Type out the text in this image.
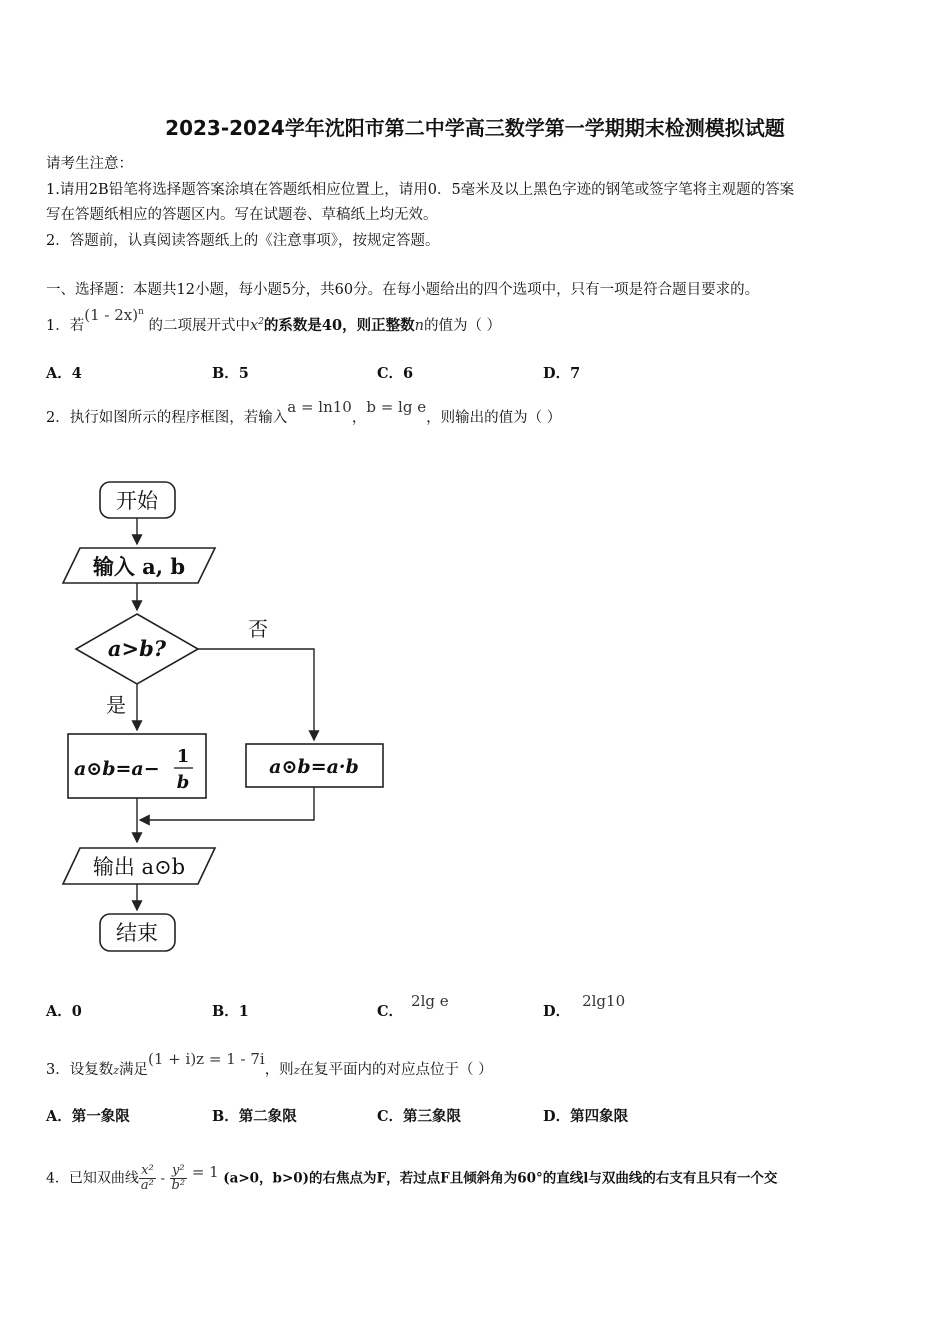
2023-2024学年沈阳市第二中学高三数学第一学期期末检测模拟试题
请考生注意：
1.请用2B铅笔将选择题答案涂填在答题纸相应位置上，请用0．5毫米及以上黑色字迹的钢笔或签字笔将主观题的答案
写在答题纸相应的答题区内。写在试题卷、草稿纸上均无效。
2．答题前，认真阅读答题纸上的《注意事项》，按规定答题。
一、选择题：本题共12小题，每小题5分，共60分。在每小题给出的四个选项中，只有一项是符合题目要求的。
1．若(1 - 2x)$^n$ 的二项展开式中$x^2$的系数是40，则正整数n的值为（ ）
A．4	B．5	C．6	D．7
2．执行如图所示的程序框图，若输入a = ln10，b = lg e，则输出的值为（ ）
开始
输入 a, b
a>b?
否
是
a⊙b=a−
1
b
a⊙b=a·b
输出 a⊙b
结束
A．0	B．1	C．2lg e
D．2lg10
3．设复数z满足(1 + i)z = 1 - 7i，则z在复平面内的对应点位于（ ）
A．第一象限	B．第二象限	C．第三象限	D．第四象限
4．已知双曲线 $\frac{\text{x²}}{\text{a²}} - \frac{\text{y²}}{\text{b²}} = 1$ (a>0，b>0)的右焦点为F，若过点F且倾斜角为60°的直线l与双曲线的右支有且只有一个交
